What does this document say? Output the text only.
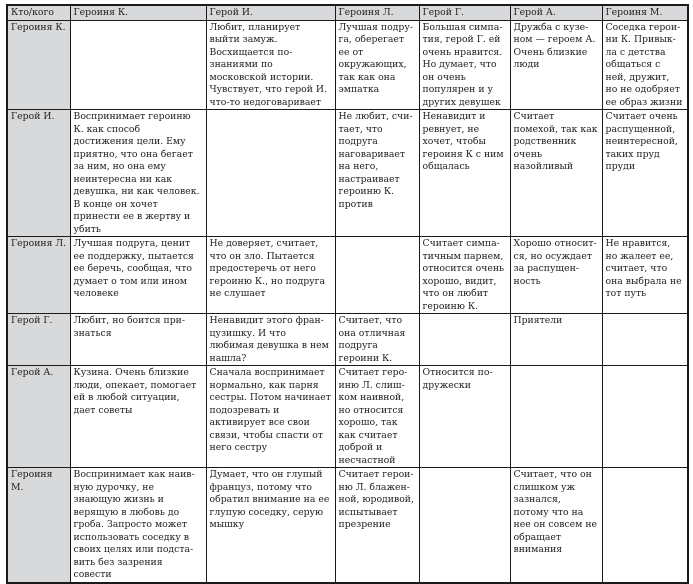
Кто/кого	Героиня К.	Герой И.	Героиня Л.	Герой Г.	Герой А.	Героиня М.
Героиня К.		Любит, планирует выйти замуж. Восхищается познаниями по московской истории. Чувствует, что герой И. что-то недоговаривает	Лучшая подруга, оберегает ее от окружающих, так как она эмпатка	Большая симпатия, герой Г. ей очень нравится. Но думает, что он очень популярен и у других девушек	Дружба с кузеном — героем А. Очень близкие люди	Соседка героини К. Привыкла с детства общаться с ней, дружит, но не одобряет ее образ жизни
Герой И.	Воспринимает героиню К. как способ достижения цели. Ему приятно, что она бегает за ним, но она ему неинтересна ни как девушка, ни как человек. В конце он хочет принести ее в жертву и убить		Не любит, считает, что подруга наговаривает на него, настраивает героиню К. против	Ненавидит и ревнует, не хочет, чтобы героиня К с ним общалась	Считает помехой, так как родственник очень назойливый	Считает очень распущенной, неинтересной, таких пруд пруди
Героиня Л.	Лучшая подруга, ценит ее поддержку, пытается ее беречь, сообщая, что думает о том или ином человеке	Не доверяет, считает, что он зло. Пытается предостеречь от него героиню К., но подруга не слушает		Считает симпатичным парнем, относится очень хорошо, видит, что он любит героиню К.	Хорошо относится, но осуждает за распущенность	Не нравится, но жалеет ее, считает, что она выбрала не тот путь
Герой Г.	Любит, но боится признаться	Ненавидит этого французишку. И что любимая девушка в нем нашла?	Считает, что она отличная подруга героини К.		Приятели	
Герой А.	Кузина. Очень близкие люди, опекает, помогает ей в любой ситуации, дает советы	Сначала воспринимает нормально, как парня сестры. Потом начинает подозревать и активирует все свои связи, чтобы спасти от него сестру	Считает героиню Л. слишком наивной, но относится хорошо, так как считает доброй и несчастной	Относится подружески		
Героиня М.	Воспринимает как наивную дурочку, не знающую жизнь и верящую в любовь до гроба. Запросто может использовать соседку в своих целях или подставить без зазрения совести	Думает, что он глупый француз, потому что обратил внимание на ее глупую соседку, серую мышку	Считает героиню Л. блаженной, юродивой, испытывает презрение		Считает, что он слишком уж зазнался, потому что на нее он совсем не обращает внимания	
